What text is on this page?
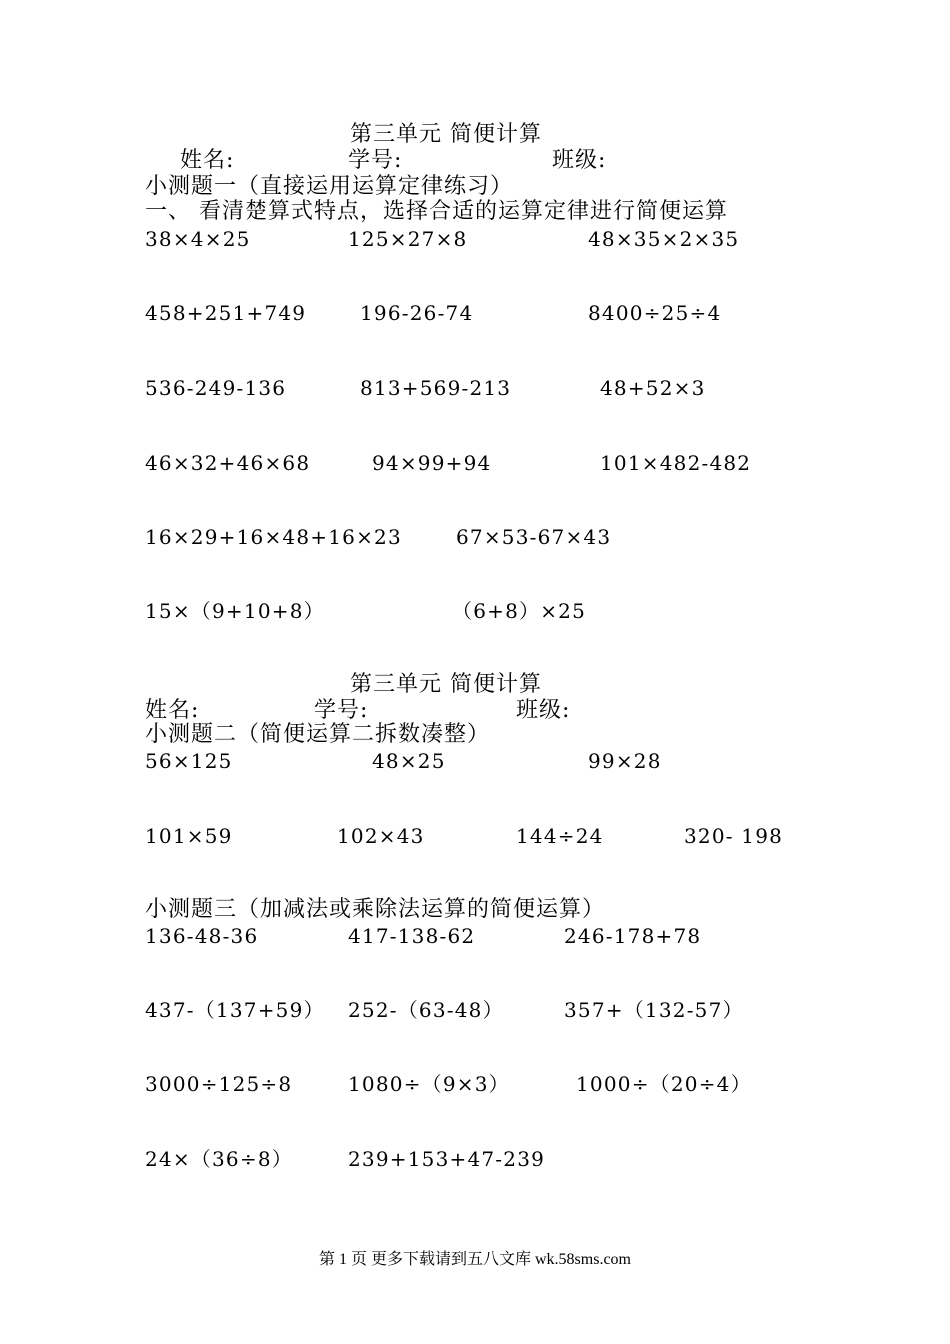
第三单元 简便计算
姓名:	学号:	班级:
小测题一（直接运用运算定律练习）
一、 看清楚算式特点，选择合适的运算定律进行简便运算
38×4×25	125×27×8	48×35×2×35
458+251+749	196-26-74	8400÷25÷4
536-249-136	813+569-213	48+52×3
46×32+46×68	94×99+94	101×482-482
16×29+16×48+16×23	67×53-67×43
15×（9+10+8）	（6+8）×25
第三单元 简便计算
姓名:	学号:	班级:
小测题二（简便运算二拆数凑整）
56×125	48×25	99×28
101×59	102×43	144÷24	320- 198
小测题三（加减法或乘除法运算的简便运算）
136-48-36	417-138-62	246-178+78
437-（137+59） 252-（63-48）	357+（132-57）
3000÷125÷8	1080÷（9×3）	1000÷（20÷4）
24×（36÷8）	239+153+47-239
第 1 页 更多下载请到五八文库 wk.58sms.com
